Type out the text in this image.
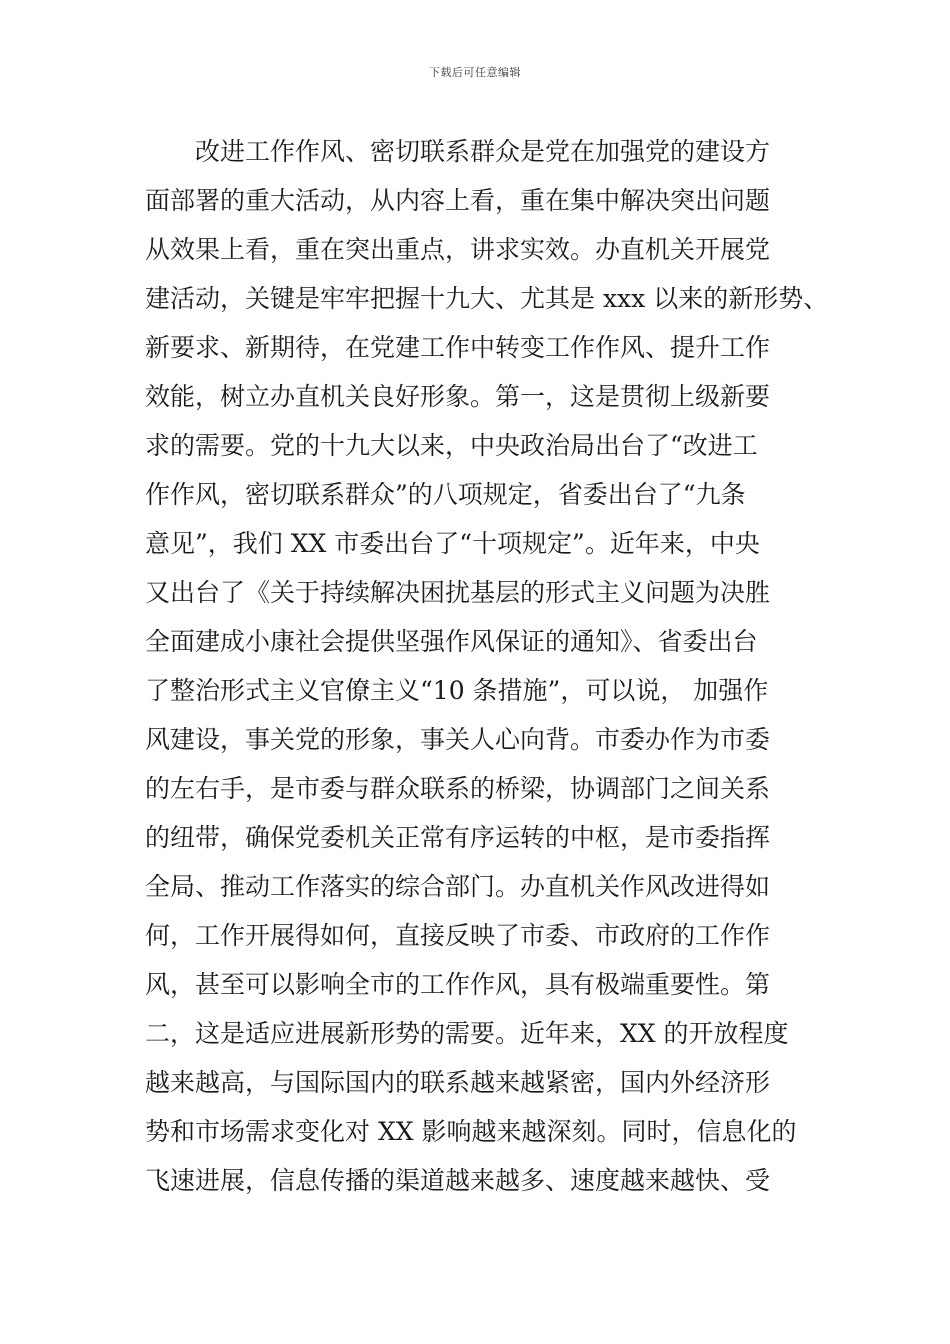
下载后可任意编辑
　　改进工作作风、密切联系群众是党在加强党的建设方
面部署的重大活动，从内容上看，重在集中解决突出问题
从效果上看，重在突出重点，讲求实效。办直机关开展党
建活动，关键是牢牢把握十九大、尤其是 xxx 以来的新形势、
新要求、新期待，在党建工作中转变工作作风、提升工作
效能，树立办直机关良好形象。第一，这是贯彻上级新要
求的需要。党的十九大以来，中央政治局出台了“改进工
作作风，密切联系群众”的八项规定，省委出台了“九条
意见”，我们 XX 市委出台了“十项规定”。近年来，中央
又出台了《关于持续解决困扰基层的形式主义问题为决胜
全面建成小康社会提供坚强作风保证的通知》、省委出台
了整治形式主义官僚主义“10 条措施”，可以说， 加强作
风建设，事关党的形象，事关人心向背。市委办作为市委
的左右手，是市委与群众联系的桥梁，协调部门之间关系
的纽带，确保党委机关正常有序运转的中枢，是市委指挥
全局、推动工作落实的综合部门。办直机关作风改进得如
何，工作开展得如何，直接反映了市委、市政府的工作作
风，甚至可以影响全市的工作作风，具有极端重要性。第
二，这是适应进展新形势的需要。近年来，XX 的开放程度
越来越高，与国际国内的联系越来越紧密，国内外经济形
势和市场需求变化对 XX 影响越来越深刻。同时，信息化的
飞速进展，信息传播的渠道越来越多、速度越来越快、受
